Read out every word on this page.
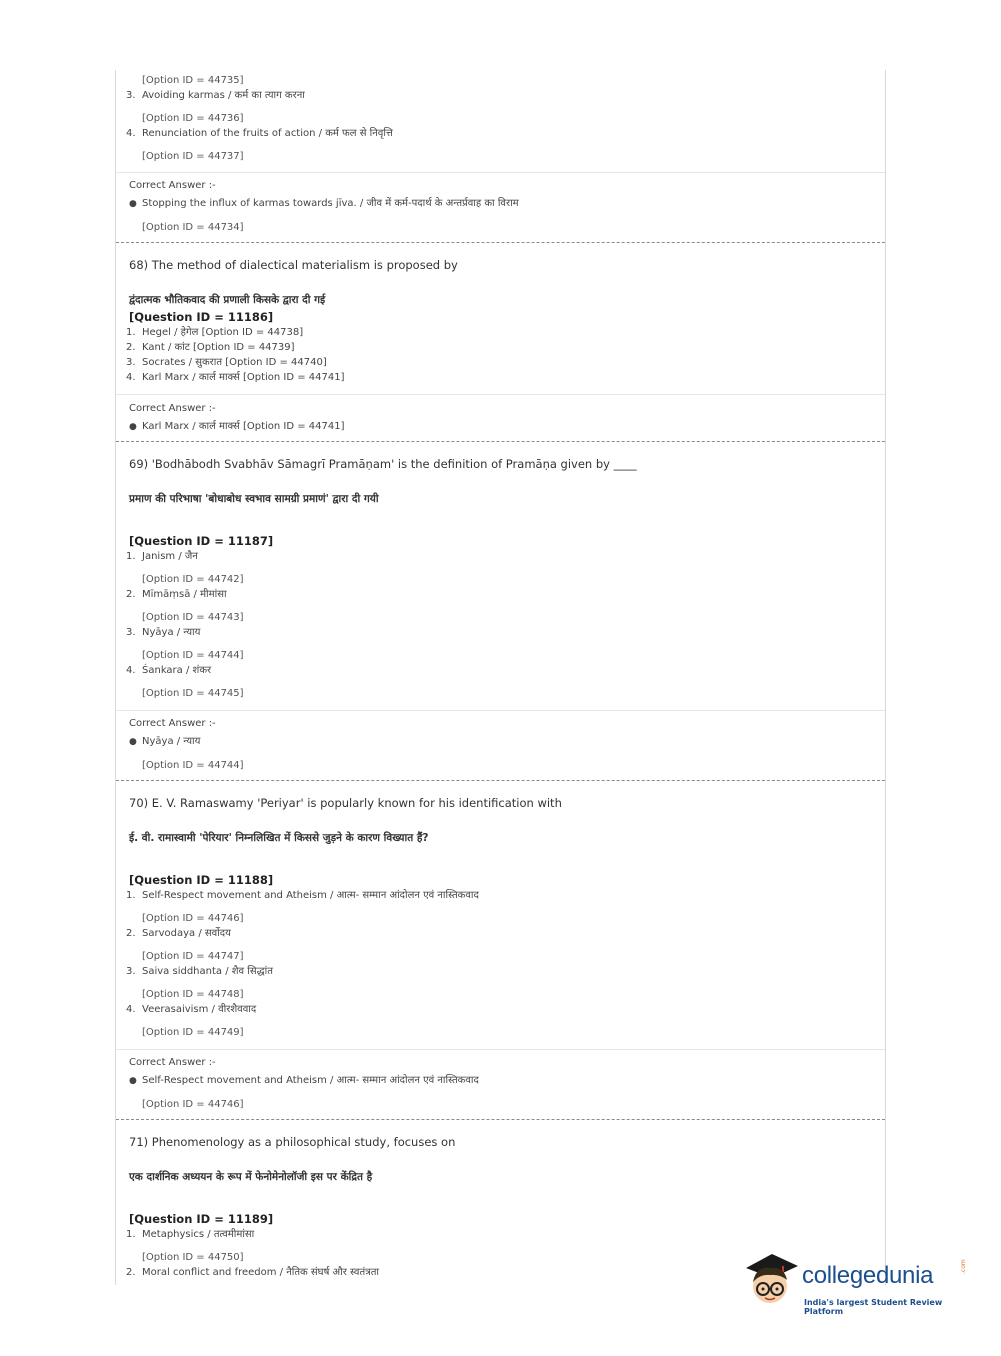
[Option ID = 44735]
3. Avoiding karmas / कर्म का त्याग करना
[Option ID = 44736]
4. Renunciation of the fruits of action / कर्म फल से निवृत्ति
[Option ID = 44737]
Correct Answer :-
● Stopping the influx of karmas towards jīva. / जीव में कर्म-पदार्थ के अन्तर्प्रवाह का विराम
[Option ID = 44734]
68) The method of dialectical materialism is proposed by
द्वंदात्मक भौतिकवाद की प्रणाली किसके द्वारा दी गई
[Question ID = 11186]
1. Hegel / हेगेल [Option ID = 44738]
2. Kant / कांट [Option ID = 44739]
3. Socrates / सुकरात [Option ID = 44740]
4. Karl Marx / कार्ल मार्क्स [Option ID = 44741]
Correct Answer :-
● Karl Marx / कार्ल मार्क्स [Option ID = 44741]
69) 'Bodhābodh Svabhāv Sāmagrī Pramāṇam' is the definition of Pramāṇa given by ____
प्रमाण की परिभाषा 'बोधाबोध स्वभाव सामग्री प्रमाणं' द्वारा दी गयी
[Question ID = 11187]
1. Janism / जैन
[Option ID = 44742]
2. Mīmāṃsā / मीमांसा
[Option ID = 44743]
3. Nyāya / न्याय
[Option ID = 44744]
4. Śankara / शंकर
[Option ID = 44745]
Correct Answer :-
● Nyāya / न्याय
[Option ID = 44744]
70) E. V. Ramaswamy 'Periyar' is popularly known for his identification with
ई. वी. रामास्वामी 'पेरियार' निम्नलिखित में किससे जुड़ने के कारण विख्यात हैं?
[Question ID = 11188]
1. Self-Respect movement and Atheism / आत्म- सम्मान आंदोलन एवं नास्तिकवाद
[Option ID = 44746]
2. Sarvodaya / सर्वोदय
[Option ID = 44747]
3. Saiva siddhanta / शैव सिद्धांत
[Option ID = 44748]
4. Veerasaivism / वीरशैववाद
[Option ID = 44749]
Correct Answer :-
● Self-Respect movement and Atheism / आत्म- सम्मान आंदोलन एवं नास्तिकवाद
[Option ID = 44746]
71) Phenomenology as a philosophical study, focuses on
एक दार्शनिक अध्ययन के रूप में फेनोमेनोलॉजी इस पर केंद्रित है
[Question ID = 11189]
1. Metaphysics / तत्वमीमांसा
[Option ID = 44750]
2. Moral conflict and freedom / नैतिक संघर्ष और स्वतंत्रता	collegedunia	.com
India's largest Student Review Platform
